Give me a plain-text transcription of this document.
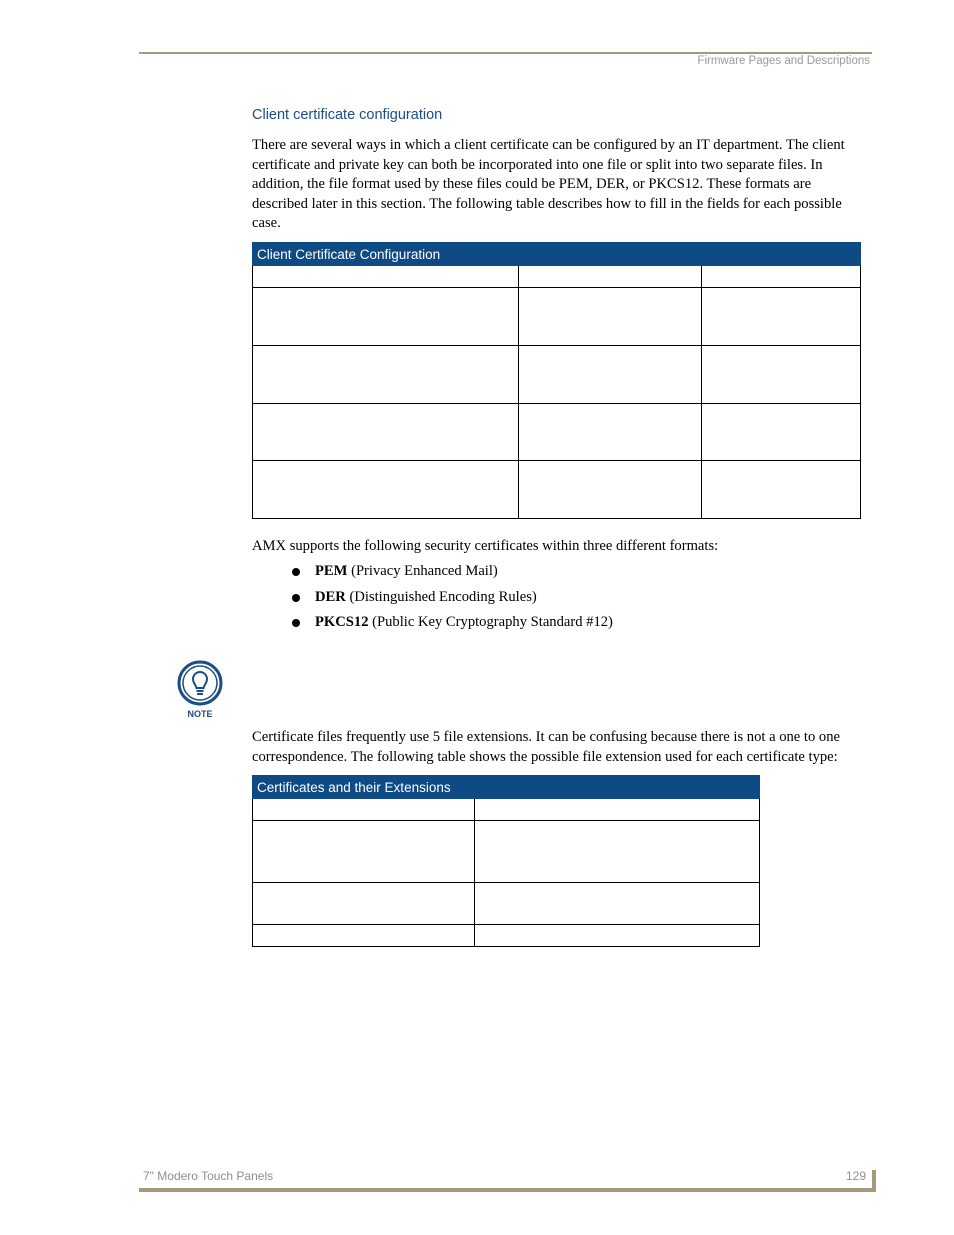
Firmware Pages and Descriptions
Client certificate configuration
There are several ways in which a client certificate can be configured by an IT department. The client certificate and private key can both be incorporated into one file or split into two separate files. In addition, the file format used by these files could be PEM, DER, or PKCS12. These formats are described later in this section. The following table describes how to fill in the fields for each possible case.
Client Certificate Configuration		

AMX supports the following security certificates within three different formats:
PEM (Privacy Enhanced Mail)
DER (Distinguished Encoding Rules)
PKCS12 (Public Key Cryptography Standard #12)
NOTE
Certificate files frequently use 5 file extensions. It can be confusing because there is not a one to one correspondence. The following table shows the possible file extension used for each certificate type:
Certificates and their Extensions	

7" Modero Touch Panels	129
